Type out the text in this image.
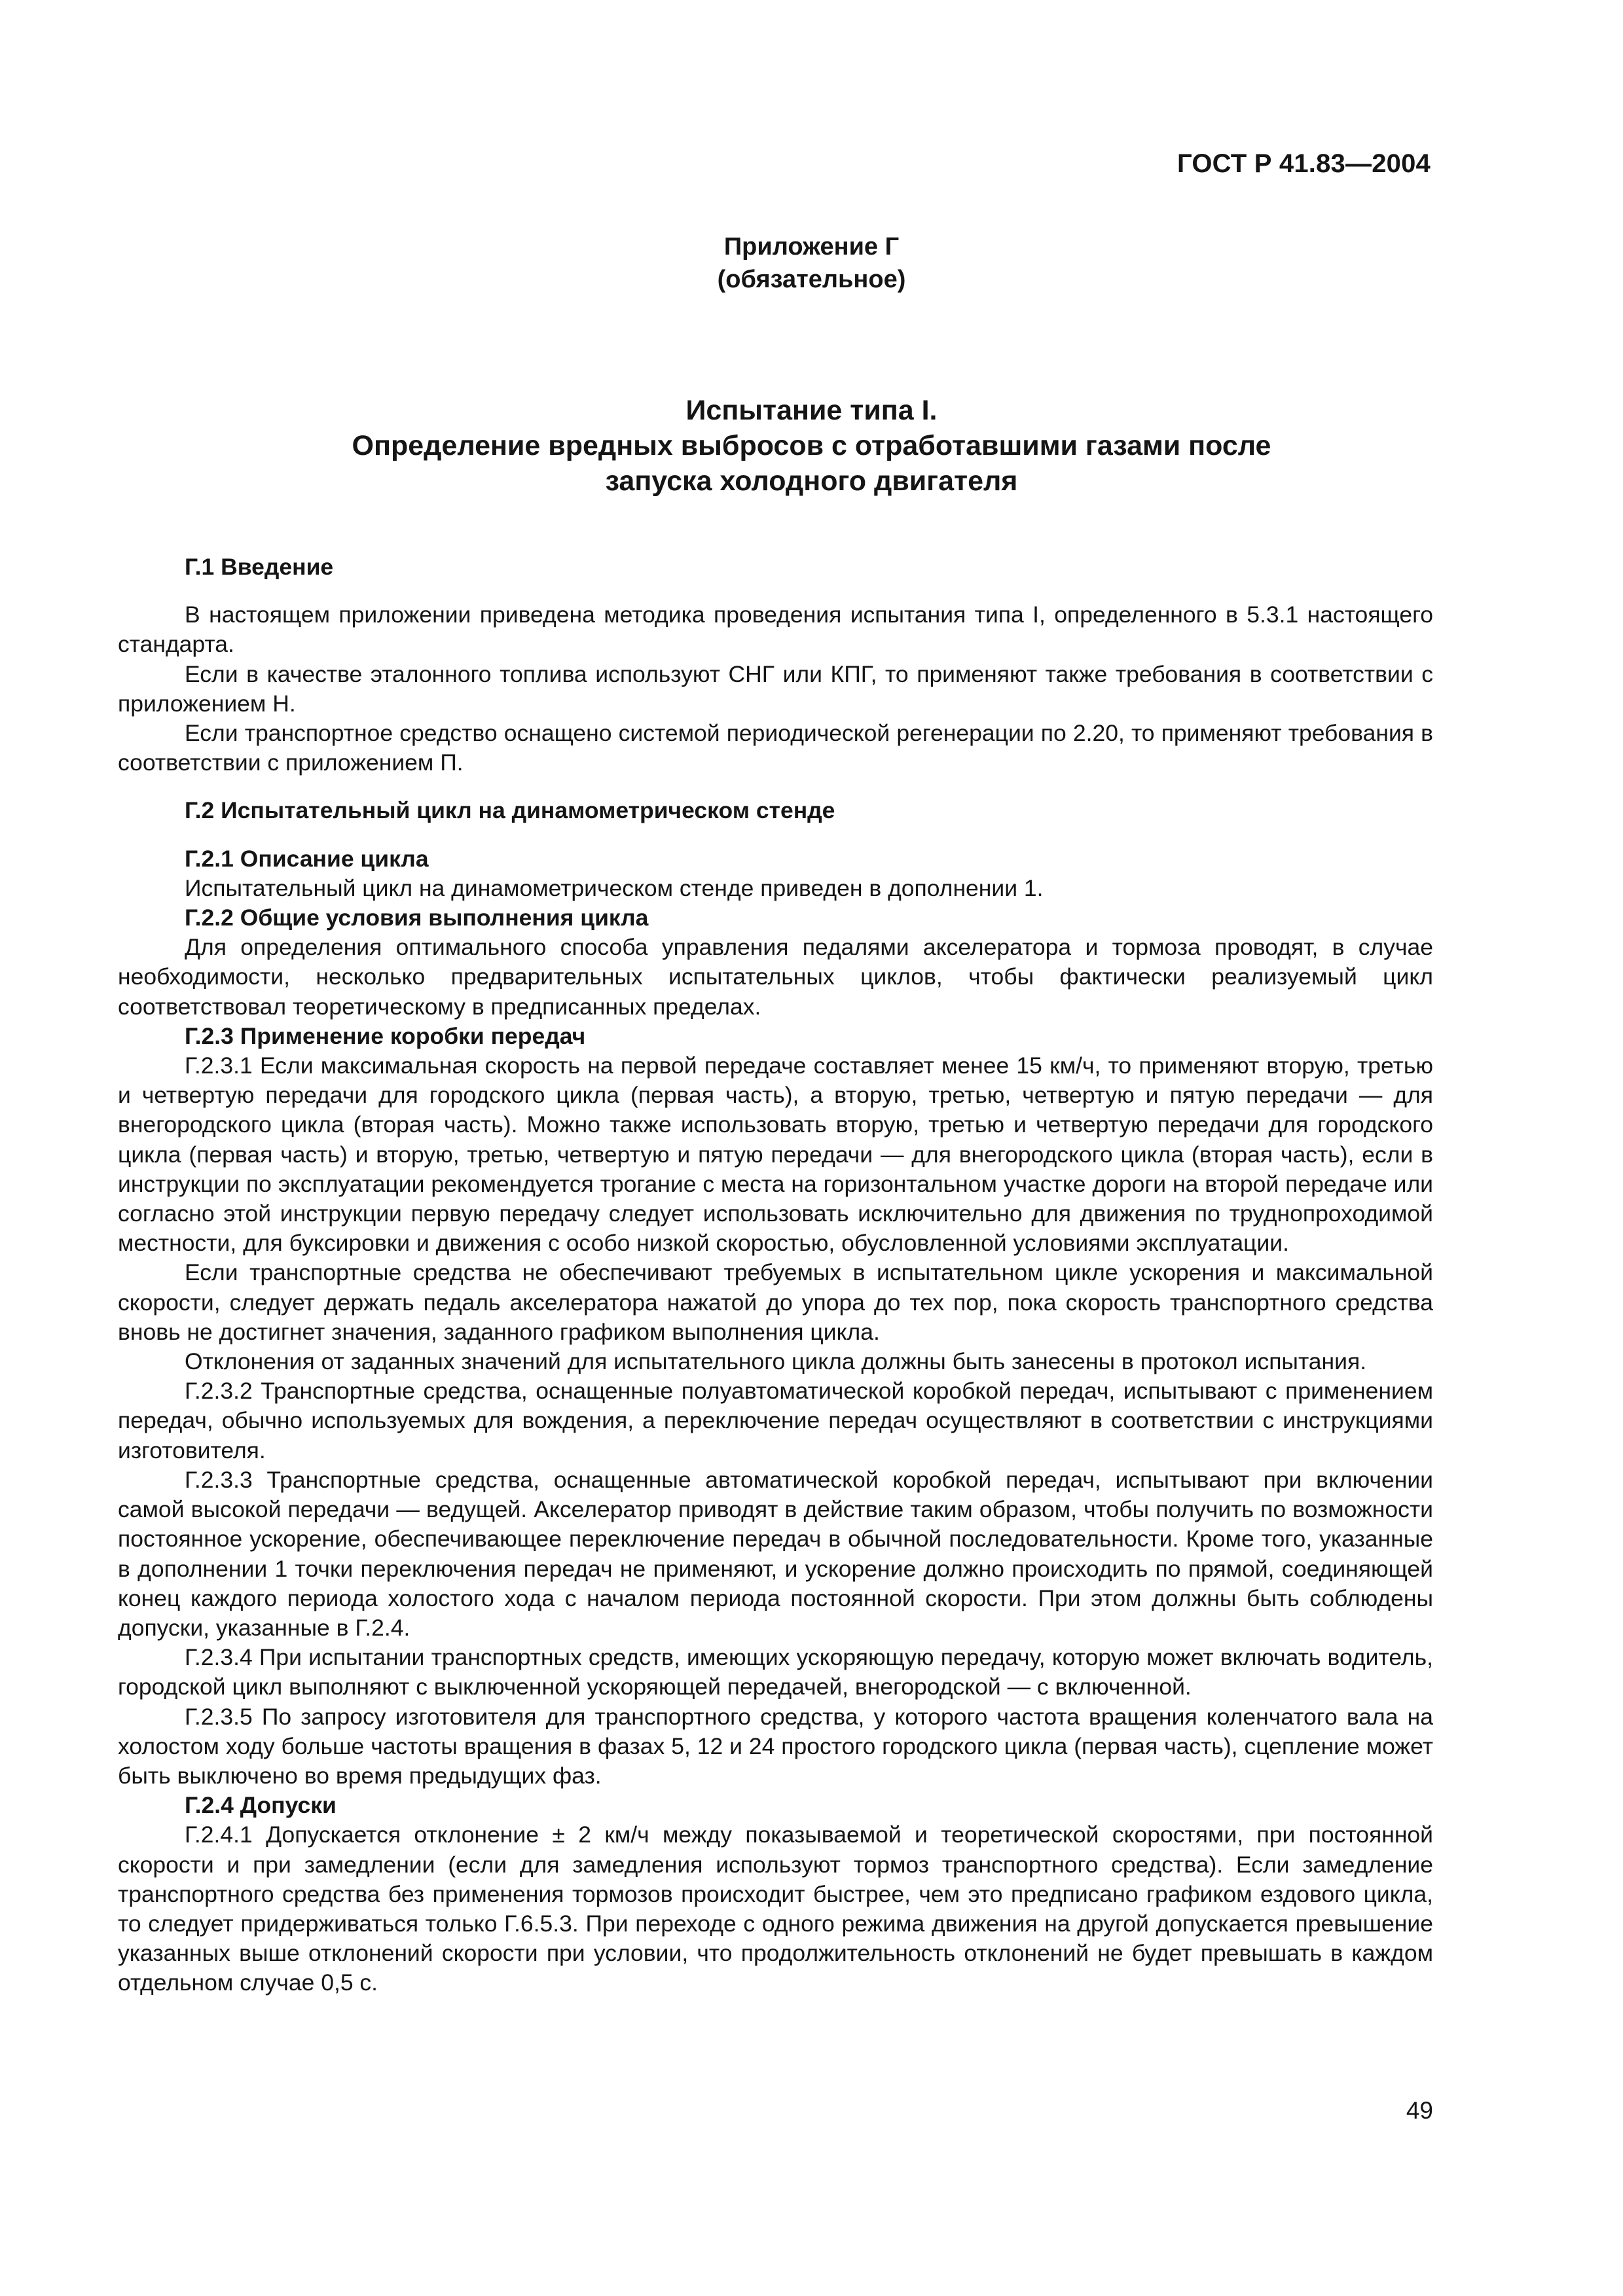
ГОСТ Р 41.83—2004
Приложение Г
(обязательное)
Испытание типа I.
Определение вредных выбросов с отработавшими газами после
запуска холодного двигателя

Г.1 Введение

В настоящем приложении приведена методика проведения испытания типа I, определенного в 5.3.1 настоящего стандарта.

Если в качестве эталонного топлива используют СНГ или КПГ, то применяют также требования в соответствии с приложением Н.

Если транспортное средство оснащено системой периодической регенерации по 2.20, то применяют требования в соответствии с приложением П.

Г.2 Испытательный цикл на динамометрическом стенде

Г.2.1 Описание цикла

Испытательный цикл на динамометрическом стенде приведен в дополнении 1.

Г.2.2 Общие условия выполнения цикла

Для определения оптимального способа управления педалями акселератора и тормоза проводят, в случае необходимости, несколько предварительных испытательных циклов, чтобы фактически реализуемый цикл соответствовал теоретическому в предписанных пределах.

Г.2.3 Применение коробки передач

Г.2.3.1 Если максимальная скорость на первой передаче составляет менее 15 км/ч, то применяют вторую, третью и четвертую передачи для городского цикла (первая часть), а вторую, третью, четвертую и пятую передачи — для внегородского цикла (вторая часть). Можно также использовать вторую, третью и четвертую передачи для городского цикла (первая часть) и вторую, третью, четвертую и пятую передачи — для внегородского цикла (вторая часть), если в инструкции по эксплуатации рекомендуется трогание с места на горизонтальном участке дороги на второй передаче или согласно этой инструкции первую передачу следует использовать исключительно для движения по труднопроходимой местности, для буксировки и движения с особо низкой скоростью, обусловленной условиями эксплуатации.

Если транспортные средства не обеспечивают требуемых в испытательном цикле ускорения и максимальной скорости, следует держать педаль акселератора нажатой до упора до тех пор, пока скорость транспортного средства вновь не достигнет значения, заданного графиком выполнения цикла.

Отклонения от заданных значений для испытательного цикла должны быть занесены в протокол испытания.

Г.2.3.2 Транспортные средства, оснащенные полуавтоматической коробкой передач, испытывают с применением передач, обычно используемых для вождения, а переключение передач осуществляют в соответствии с инструкциями изготовителя.

Г.2.3.3 Транспортные средства, оснащенные автоматической коробкой передач, испытывают при включении самой высокой передачи — ведущей. Акселератор приводят в действие таким образом, чтобы получить по возможности постоянное ускорение, обеспечивающее переключение передач в обычной последовательности. Кроме того, указанные в дополнении 1 точки переключения передач не применяют, и ускорение должно происходить по прямой, соединяющей конец каждого периода холостого хода с началом периода постоянной скорости. При этом должны быть соблюдены допуски, указанные в Г.2.4.

Г.2.3.4 При испытании транспортных средств, имеющих ускоряющую передачу, которую может включать водитель, городской цикл выполняют с выключенной ускоряющей передачей, внегородской — с включенной.

Г.2.3.5 По запросу изготовителя для транспортного средства, у которого частота вращения коленчатого вала на холостом ходу больше частоты вращения в фазах 5, 12 и 24 простого городского цикла (первая часть), сцепление может быть выключено во время предыдущих фаз.

Г.2.4 Допуски

Г.2.4.1 Допускается отклонение ± 2 км/ч между показываемой и теоретической скоростями, при постоянной скорости и при замедлении (если для замедления используют тормоз транспортного средства). Если замедление транспортного средства без применения тормозов происходит быстрее, чем это предписано графиком ездового цикла, то следует придерживаться только Г.6.5.3. При переходе с одного режима движения на другой допускается превышение указанных выше отклонений скорости при условии, что продолжительность отклонений не будет превышать в каждом отдельном случае 0,5 с.

49
